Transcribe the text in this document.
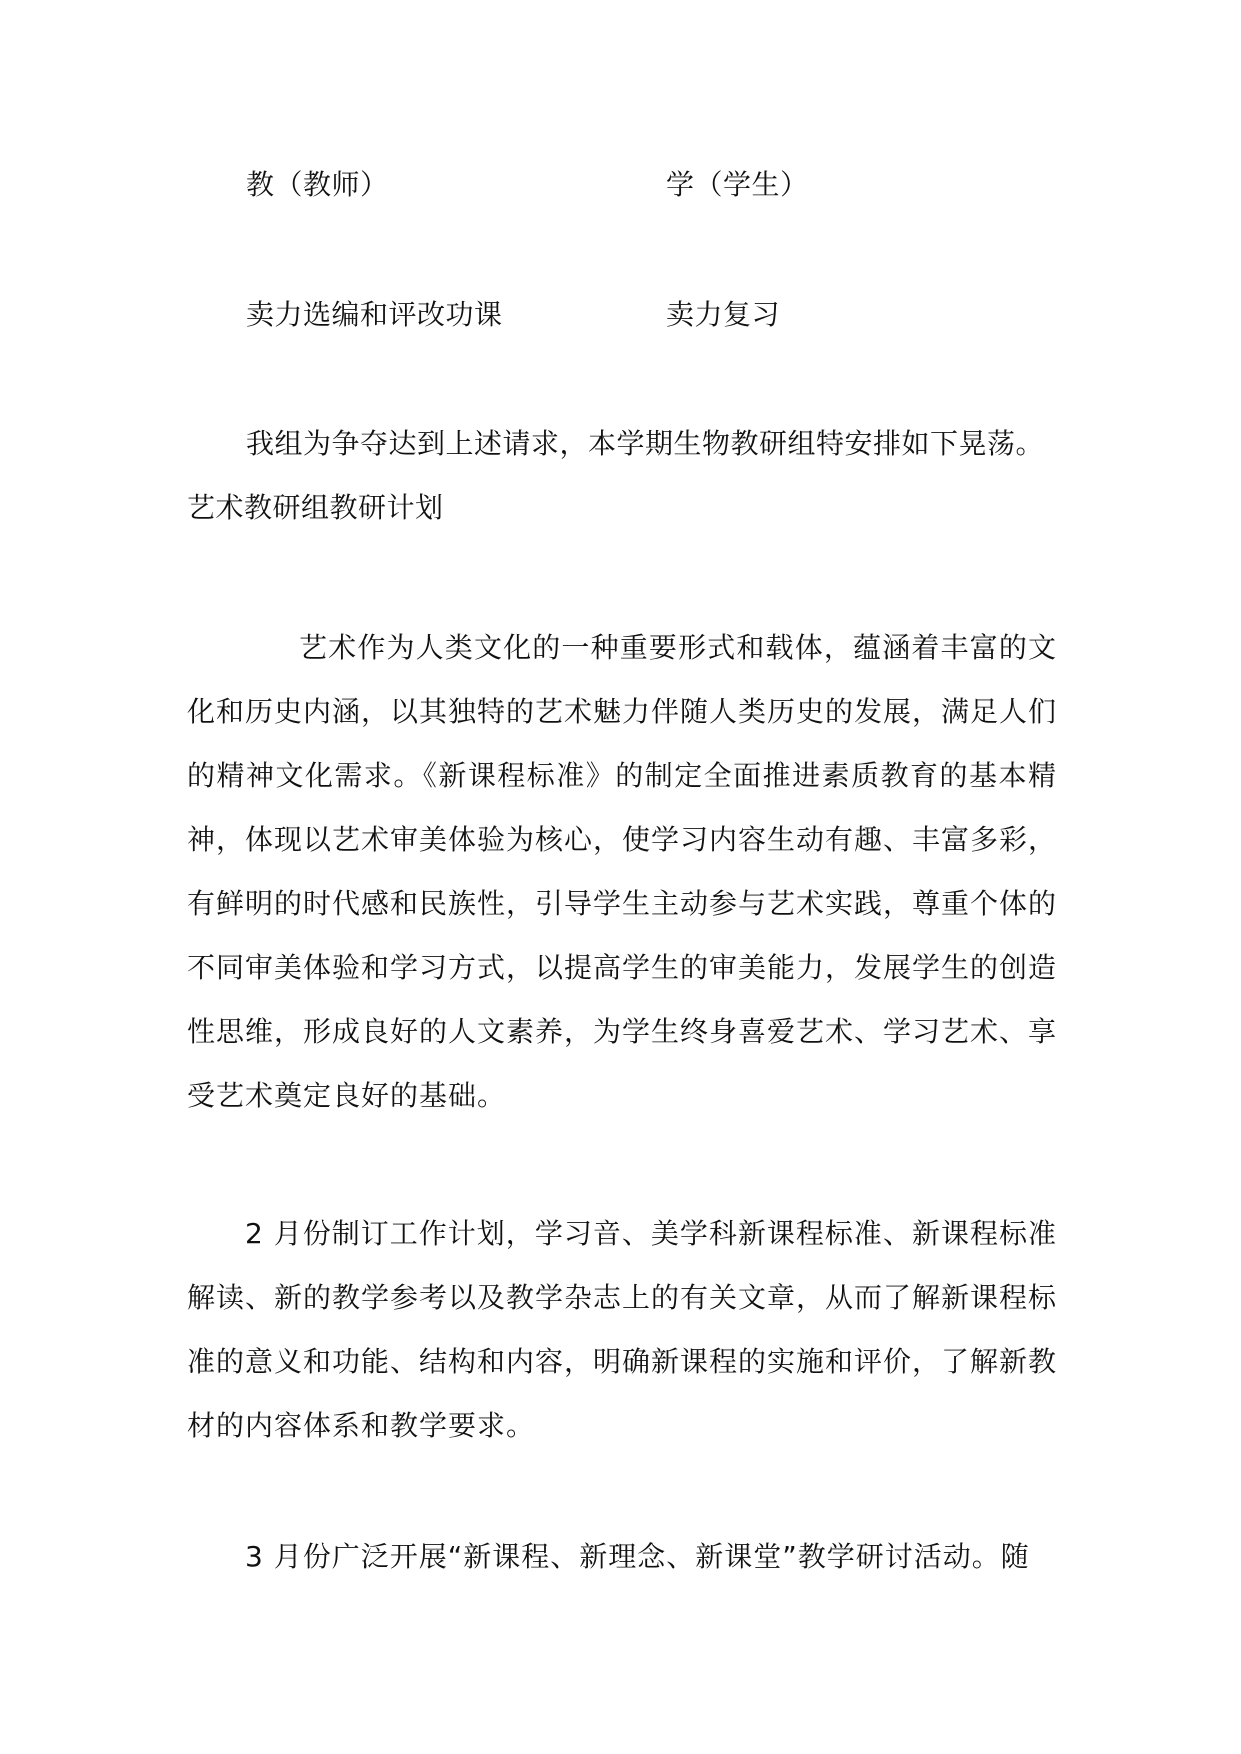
教（教师）	学（学生）
卖力选编和评改功课	卖力复习
我组为争夺达到上述请求，本学期生物教研组特安排如下晃荡。
艺术教研组教研计划
艺术作为人类文化的一种重要形式和载体，蕴涵着丰富的文化和历史内涵，以其独特的艺术魅力伴随人类历史的发展，满足人们的精神文化需求。《新课程标准》的制定全面推进素质教育的基本精神，体现以艺术审美体验为核心，使学习内容生动有趣、丰富多彩，有鲜明的时代感和民族性，引导学生主动参与艺术实践，尊重个体的不同审美体验和学习方式，以提高学生的审美能力，发展学生的创造性思维，形成良好的人文素养，为学生终身喜爱艺术、学习艺术、享受艺术奠定良好的基础。
2 月份制订工作计划，学习音、美学科新课程标准、新课程标准解读、新的教学参考以及教学杂志上的有关文章，从而了解新课程标准的意义和功能、结构和内容，明确新课程的实施和评价，了解新教材的内容体系和教学要求。
3 月份广泛开展“新课程、新理念、新课堂”教学研讨活动。随
